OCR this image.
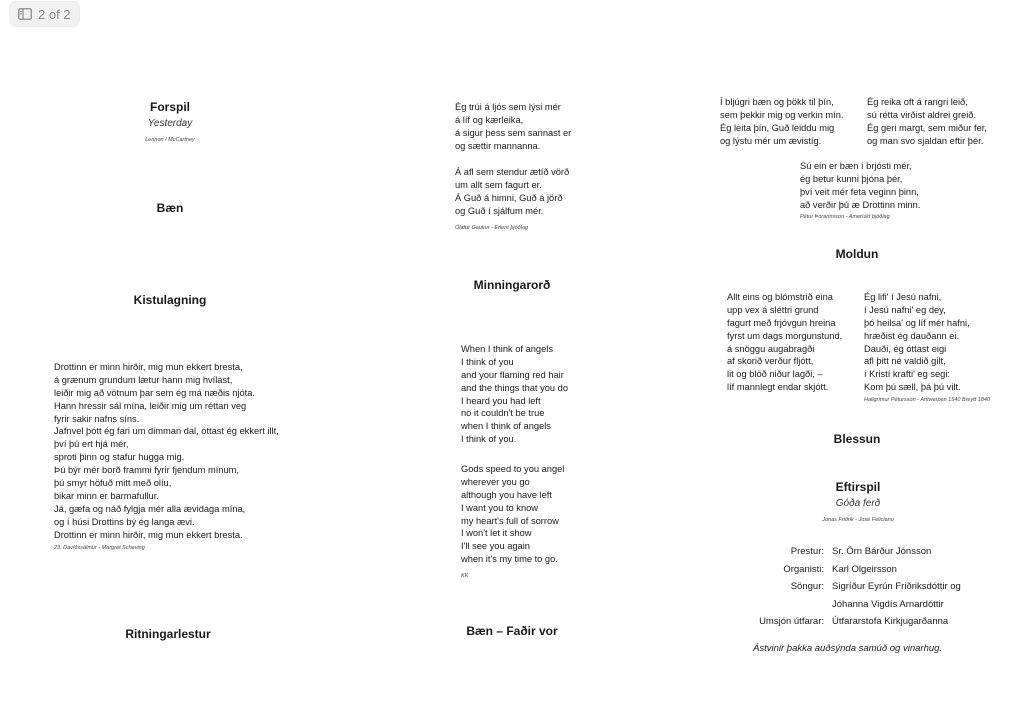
2 of 2
Forspil
Yesterday
Lennon / McCartney
Bæn
Kistulagning
Drottinn er minn hirðir, mig mun ekkert bresta,
á grænum grundum lætur hann mig hvílast,
leiðir mig að vötnum þar sem ég má næðis njóta.
Hann hressir sál mína, leiðir mig um réttan veg
fyrir sakir nafns síns.
Jafnvel þótt ég fari um dimman dal, óttast ég ekkert illt,
því þú ert hjá mér,
sproti þinn og stafur hugga mig.
Þú býr mér borð frammi fyrir fjendum mínum,
þú smyr höfuð mitt með olíu,
bikar minn er barmafullur.
Já, gæfa og náð fylgja mér alla ævidaga mína,
og í húsi Drottins bý ég langa ævi.
Drottinn er minn hirðir, mig mun ekkert bresta.
23. Davíðssálmur - Margrét Scheving
Ritningarlestur
Ég trúi á ljós sem lýsi mér
á líf og kærleika,
á sigur þess sem sannast er
og sættir mannanna.
Á afl sem stendur ætíð vörð
um allt sem fagurt er.
Á Guð á himni, Guð á jörð
og Guð í sjálfum mér.
Ólafur Gaukur - Erlent þjóðlag
Minningarorð
When I think of angels
I think of you
and your flaming red hair
and the things that you do
I heard you had left
no it couldn't be true
when I think of angels
I think of you.
Gods speed to you angel
wherever you go
although you have left
I want you to know
my heart's full of sorrow
I won't let it show
I'll see you again
when it's my time to go.
KK
Bæn – Faðir vor
Í bljúgri bæn og þökk til þín,
sem þekkir mig og verkin mín.
Ég leita þín, Guð leiddu mig
og lýstu mér um ævistíg.
Ég reika oft á rangri leið,
sú rétta virðist aldrei greið.
Ég geri margt, sem miður fer,
og man svo sjaldan eftir þér.
Sú ein er bæn í brjósti mér,
ég betur kunni þjóna þér,
því veit mér feta veginn þinn,
að verðir þú æ Drottinn minn.
Pétur Þórarinsson - Amerískt þjóðlag
Moldun
Allt eins og blómstrið eina
upp vex á sléttri grund
fagurt með frjóvgun hreina
fyrst um dags morgunstund,
á snöggu augabragði
af skorið verður fljótt,
lit og blöð niður lagði, –
líf mannlegt endar skjótt.
Ég lifi' í Jesú nafni,
í Jesú nafni' eg dey,
þó heilsa' og líf mér hafni,
hræðist ég dauðann ei.
Dauði, ég óttast eigi
afl þitt né valdið gilt,
í Kristí krafti' eg segi:
Kom þú sæll, þá þú vilt.
Hallgrímur Pétursson - Antwerpen 1540 Breytt 1840
Blessun
Eftirspil
Góða ferð
Jónas Friðrik - José Feliciano
Prestur: Sr. Örn Bárður Jónsson
Organisti: Karl Olgeirsson
Söngur: Sigríður Eyrún Friðriksdóttir og
Jóhanna Vigdís Arnardóttir
Umsjón útfarar: Útfararstofa Kirkjugarðanna
Ástvinir þakka auðsýnda samúð og vinarhug.
